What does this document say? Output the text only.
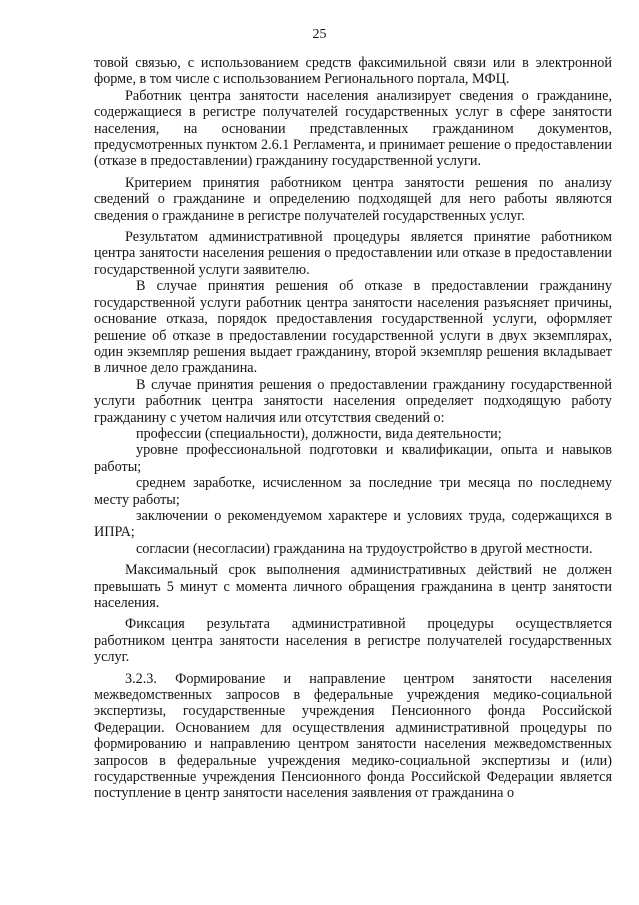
25

товой связью, с использованием средств факсимильной связи или в электронной форме, в том числе с использованием Регионального портала, МФЦ.

Работник центра занятости населения анализирует сведения о гражданине, содержащиеся в регистре получателей государственных услуг в сфере занятости населения, на основании представленных гражданином документов, предусмотренных пунктом 2.6.1 Регламента, и принимает решение о предоставлении (отказе в предоставлении) гражданину государственной услуги.

Критерием принятия работником центра занятости решения по анализу сведений о гражданине и определению подходящей для него работы являются сведения о гражданине в регистре получателей государственных услуг.

Результатом административной процедуры является принятие работником центра занятости населения решения о предоставлении или отказе в предоставлении государственной услуги заявителю.

В случае принятия решения об отказе в предоставлении гражданину государственной услуги работник центра занятости населения разъясняет причины, основание отказа, порядок предоставления государственной услуги, оформляет решение об отказе в предоставлении государственной услуги в двух экземплярах, один экземпляр решения выдает гражданину, второй экземпляр решения вкладывает в личное дело гражданина.

В случае принятия решения о предоставлении гражданину государственной услуги работник центра занятости населения определяет подходящую работу гражданину с учетом наличия или отсутствия сведений о:

профессии (специальности), должности, вида деятельности;

уровне профессиональной подготовки и квалификации, опыта и навыков работы;

среднем заработке, исчисленном за последние три месяца по последнему месту работы;

заключении о рекомендуемом характере и условиях труда, содержащихся в ИПРА;

согласии (несогласии) гражданина на трудоустройство в другой местности.

Максимальный срок выполнения административных действий не должен превышать 5 минут с момента личного обращения гражданина в центр занятости населения.

Фиксация результата административной процедуры осуществляется работником центра занятости населения в регистре получателей государственных услуг.

3.2.3. Формирование и направление центром занятости населения межведомственных запросов в федеральные учреждения медико-социальной экспертизы, государственные учреждения Пенсионного фонда Российской Федерации. Основанием для осуществления административной процедуры по формированию и направлению центром занятости населения межведомственных запросов в федеральные учреждения медико-социальной экспертизы и (или) государственные учреждения Пенсионного фонда Российской Федерации является поступление в центр занятости населения заявления от гражданина о
